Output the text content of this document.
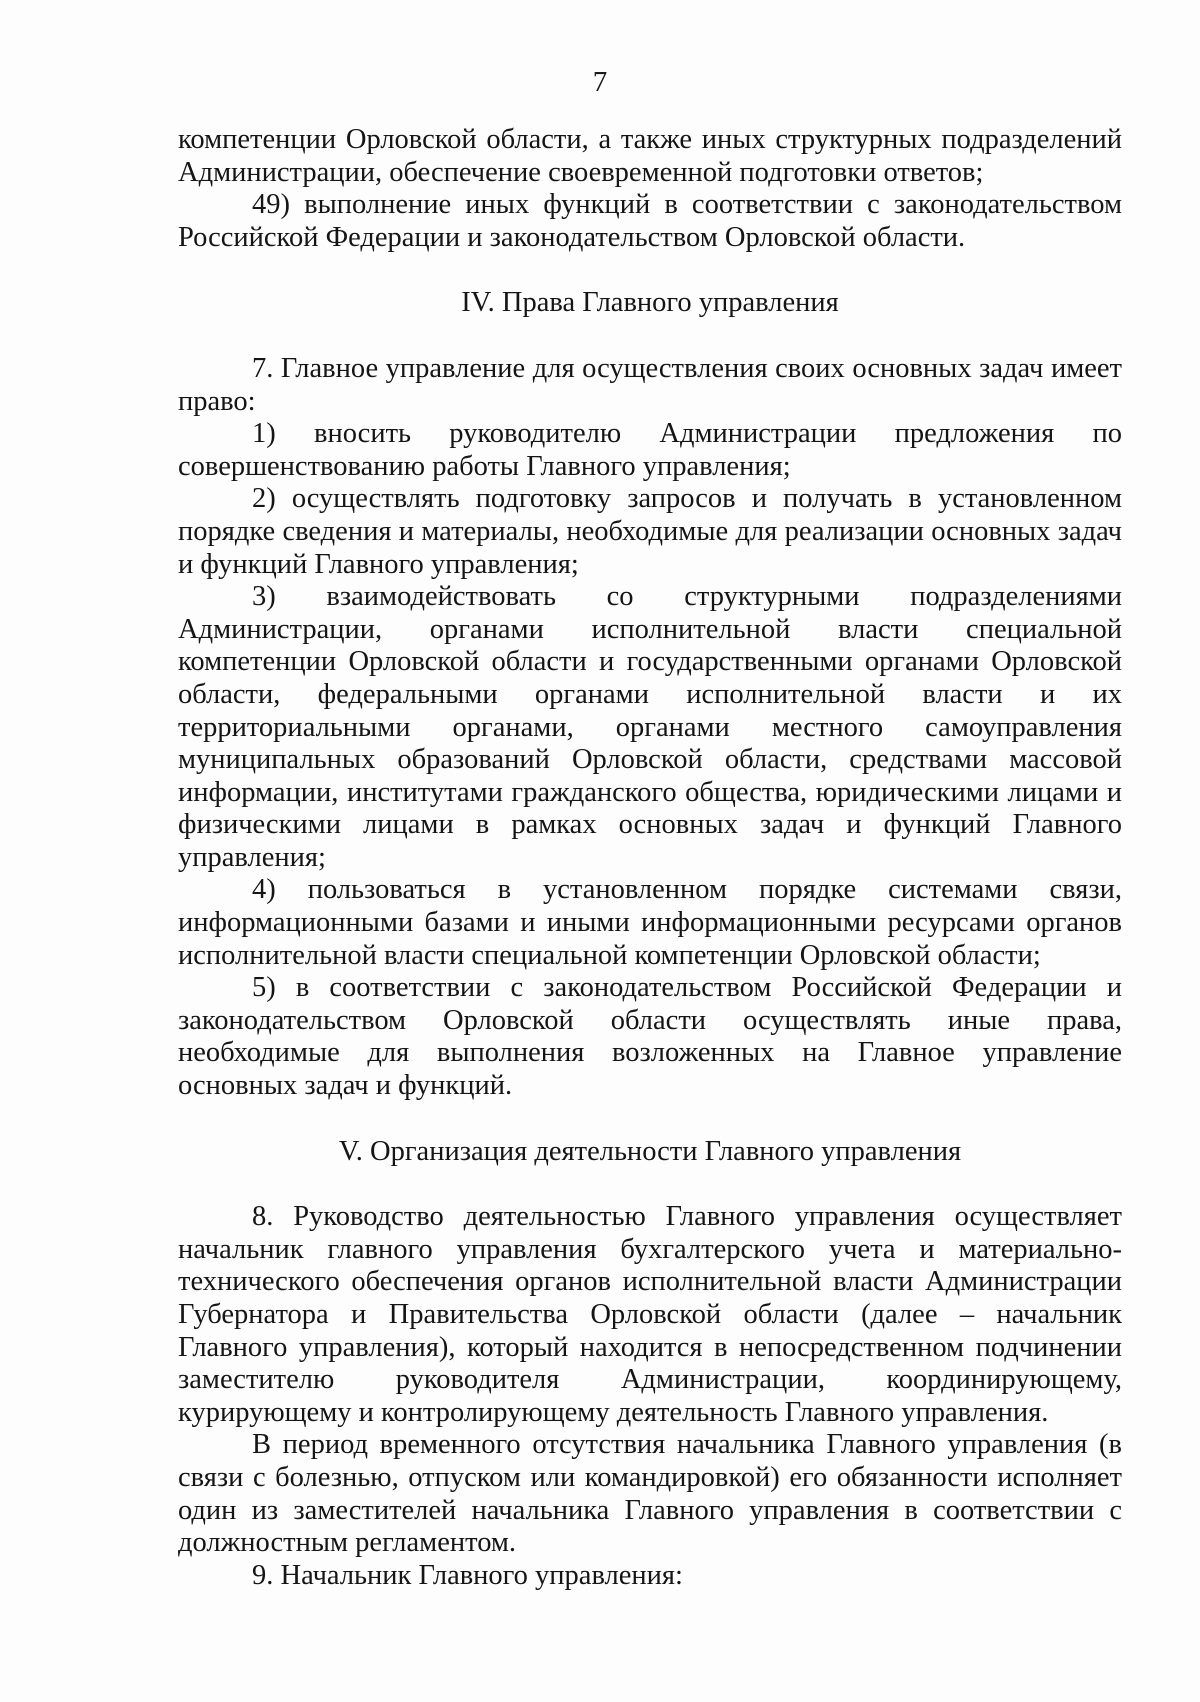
7

компетенции Орловской области, а также иных структурных подразделений Администрации, обеспечение своевременной подготовки ответов;

49) выполнение иных функций в соответствии с законодательством Российской Федерации и законодательством Орловской области.

IV. Права Главного управления

7. Главное управление для осуществления своих основных задач имеет право:

1) вносить руководителю Администрации предложения по совершенствованию работы Главного управления;

2) осуществлять подготовку запросов и получать в установленном порядке сведения и материалы, необходимые для реализации основных задач и функций Главного управления;

3) взаимодействовать со структурными подразделениями Администрации, органами исполнительной власти специальной компетенции Орловской области и государственными органами Орловской области, федеральными органами исполнительной власти и их территориальными органами, органами местного самоуправления муниципальных образований Орловской области, средствами массовой информации, институтами гражданского общества, юридическими лицами и физическими лицами в рамках основных задач и функций Главного управления;

4) пользоваться в установленном порядке системами связи, информационными базами и иными информационными ресурсами органов исполнительной власти специальной компетенции Орловской области;

5) в соответствии с законодательством Российской Федерации и законодательством Орловской области осуществлять иные права, необходимые для выполнения возложенных на Главное управление основных задач и функций.

V. Организация деятельности Главного управления

8. Руководство деятельностью Главного управления осуществляет начальник главного управления бухгалтерского учета и материально-технического обеспечения органов исполнительной власти Администрации Губернатора и Правительства Орловской области (далее – начальник Главного управления), который находится в непосредственном подчинении заместителю руководителя Администрации, координирующему, курирующему и контролирующему деятельность Главного управления.

В период временного отсутствия начальника Главного управления (в связи с болезнью, отпуском или командировкой) его обязанности исполняет один из заместителей начальника Главного управления в соответствии с должностным регламентом.

9. Начальник Главного управления:
